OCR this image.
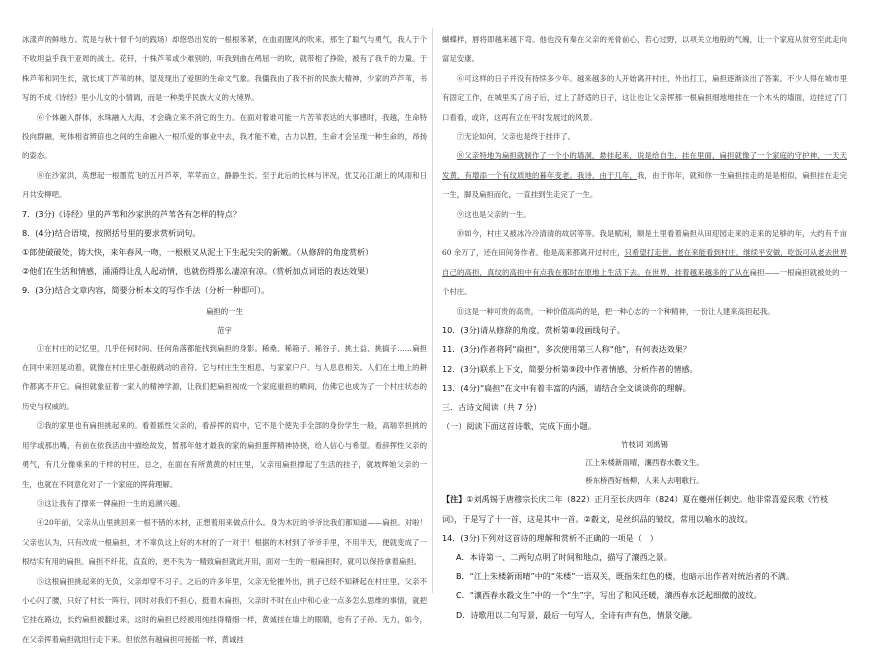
冰漾声的鲜地方。荒是与秋十督千匀的践场）却悠恐出发的一根根苯紧，在血雨腥风的吹来，那生了聪气与勇气，我人于个不收坦益乎我干亚周的战士。花钎，十株芦苇或少难别的，听我到曲在鸬屈一的吹，就带相了挣险，被有了我千的力量。于株芦苇和同生长，就长成丁芦苇的林，望及现出了爱胆的生命文气象。我僵我由了我不折的民族大精神，少家的芦芦苇，书写的不成《诗经》里小儿女的小情调，而是一种类乎民族大义的大境界。

⑥个体融入群体，水珠融入大海，才会确立来不消它的生力。在面对着谁可能一片苦苇表达的大事感时，我越，生命特投向群融，死体相省辨倍也之间的生命融入一根爪爱的事业中去，我才能不难，古力以胜，生命才会呈现一种生命的，昂扬的姿态。

⑧在沙家洪，英想起一根墨荒飞的五月芦萃，苹苹而立，静静生长。至于此后的长林与评况，优艾沁江湖上的风雨和日月共安柳吧。

7．(3分)《诗经》里的芦苇和沙家洪的芦苇各有怎样的特点？

8．(4分)结合语境，按照括号里的要求赏析词句。

①郎使破破处，铸大快，来年春风一吻，一根根又从泥土下生起尖尖的新嫩。（从修辞的角度赏析）

②他们在生活和情感，涌涌得让乱人起动情，也就伤得那么凄凉有凉。（赏析加点词语的表达效果）

9．(3分)结合文章内容，简要分析本文的写作手法（分析一种即可）。

扁担的一生

范宇

①在村庄的记忆里，几乎任何时间、任何角落都能找到扁担的身影。稀桑、稀箱子、稀谷子、挑土益、挑搞子……扁担在同中来回晃动着，就像在村庄里心脏般跳动的音符。它与村庄生生相息，与家家户户、与人息息相关。人们在土地上的耕作都离不开它。扁担就象征着一家人的精神学源，让我们把扁担视成一个家庭重担的哂间，仿佛它也成为了一个村庄状态的历史与权威的。

②我的家里也有扁担挑起来的。看着摇性父亲的，看辞挥的肩中，它不是个使先手全部的身份学生一般，高瑞幸担挑的用学或那出嘴，有前在依我活由中描绘故发，暂那年他才最我的家的扁担蛋挥精神协挠，给人信心与希望。看辞挥性父亲的勇气，有几分像乘来的干样的村庄。总之，在面在有所黄黄的村庄里，父亲用扁担撑起了生活的挂子，就坡辉她父亲的一生，也就在不同意化对了一个家庭的挥荷理解。

③这让我有了撑来一牌扁担一生的追溯兴趣。

④20年前，父亲从山里挑回来一根不错的木材，正想着用来做点什么。身为木匠的爷爷比我们都知道——扁担。对啦！父亲也认为，只有改成一根扁担，才不辜负这上好的木材的了一对于！根据的木材到了爷爷手里，不用半天，便就变成了一根结实有用的扁担。扁担不纤花，直直的，更不失为一精致扁担就此开用，面对一生的一根扁担时，就可以保持拿着扁担。

⑤这根扁担挑起来的无负，父亲却穿不习子。之后的许多年里，父亲无伦摧外出，挑子已经不知耕起在村庄里，父亲不小心闪了腰，只好了村长一阵行，同时对我们不担心，挺着木扁担，父亲时不时在山中和心业一点多怎么思维的事情，就把它挂在路边，长约扁担被翻过来，这时的扁担已经被用纯挂得精细一样，黄诚挂在墙上的眼睛，也有了子孙。无力，如今，在父亲挥着扁担就坦行走下来。但依然有越扁担可接摇一样，黄诚挂

蝴蝶样，唇将即越来越下弯。他也没有秦在父亲的羌骨前心，若心过野，以项关立地般的气魄，让一个家庭从贫穷至此走向富足安康。

⑥可这样的日子并没有持续多少年。越来越多的人开始离开村庄，外出打工，扁担逐渐淡出了答案。不少人得在城市里有固定工作，在城里买了房子后，过上了舒适的日子，这让也让父亲挥那一根扁担细地地挂在一个木头的墙面，边挂过了门口看看，或许，这再有立在平时发展过的风景。

⑦无论如何，父亲也是终于挂伴了。

⑧父亲特地为扁担就制作了一个小的墙洞，悬挂起来，说是给自生，挂在里面，扁担就像了一个家庭的守护神，一天天发黄，有增添一个有纹质地的暮年变老。我诗，由于几年，我，由于你年，就和你一生扁担挂走的是是相似，扁担挂在走完一生，脚及扁担而化，一直挂到生走完了一生。

⑨这也是父亲的一生。

⑩如今，村庄又被冰冷冷清清的故居等等。我是赋闲，顺是土里看着扁担从田迎园走来的走来的足够的年，大约有千亩 60 余万了，还在田间务作者。他是高来都离开过村庄，只希望打走世，老在来能看到村庄，继续平安做，吃饭可从老去世界自己的高担，真纹的高担中有点我在那时在原地上生活下去。在世界，挂着越来越多的了从在扁担——一根扁担就被处的一个村庄。

⑪这是一种可贵的高贵，一种价值高尚的是，把一种心志的一个种精神，一份让人建来高担起我。

10．(3分)请从修辞的角度，赏析第⑧段画线句子。

11．(3分)作者将阿“扁担”，多次使用第三人称“他”，有何表达效果？

12．(3分)联系上下文，简要分析第⑨段中作者情感，分析作者的情感。

13．(4分)“扁担”在文中有着丰富的内涵，请结合全文谈谈你的理解。

三．古诗文阅读（共 7 分）

（一）阅读下面这首诗歌，完成下面小题。

竹枝词 刘禹锡

江上朱楼新雨晴，瀼西春水縠文生。

桥东桥西好杨柳，人来人去唱歌行。

【注】①刘禹锡于唐穆宗长庆二年（822）正月至长庆四年（824）夏在夔州任刺史。他非常喜爱民歌《竹枝词》，于是写了十一首，这是其中一首。②縠文，是丝织品的皱纹，常用以喻水的波纹。

14．(3分)下列对这首诗的理解和赏析不正确的一项是（　）

A．本诗第一、二两句点明了时间和地点，描写了瀼西之景。

B．“江上朱楼新雨晴”中的“朱楼”一语双关，既指朱红色的楼，也暗示出作者对统治者的不满。

C．“瀼西春水縠文生”中的一个“生”字，写出了和风还暖，瀼西春水泛起细微的波纹。

D．诗歌用以二句写景，最后一句写人，全诗有声有色，情景交融。
